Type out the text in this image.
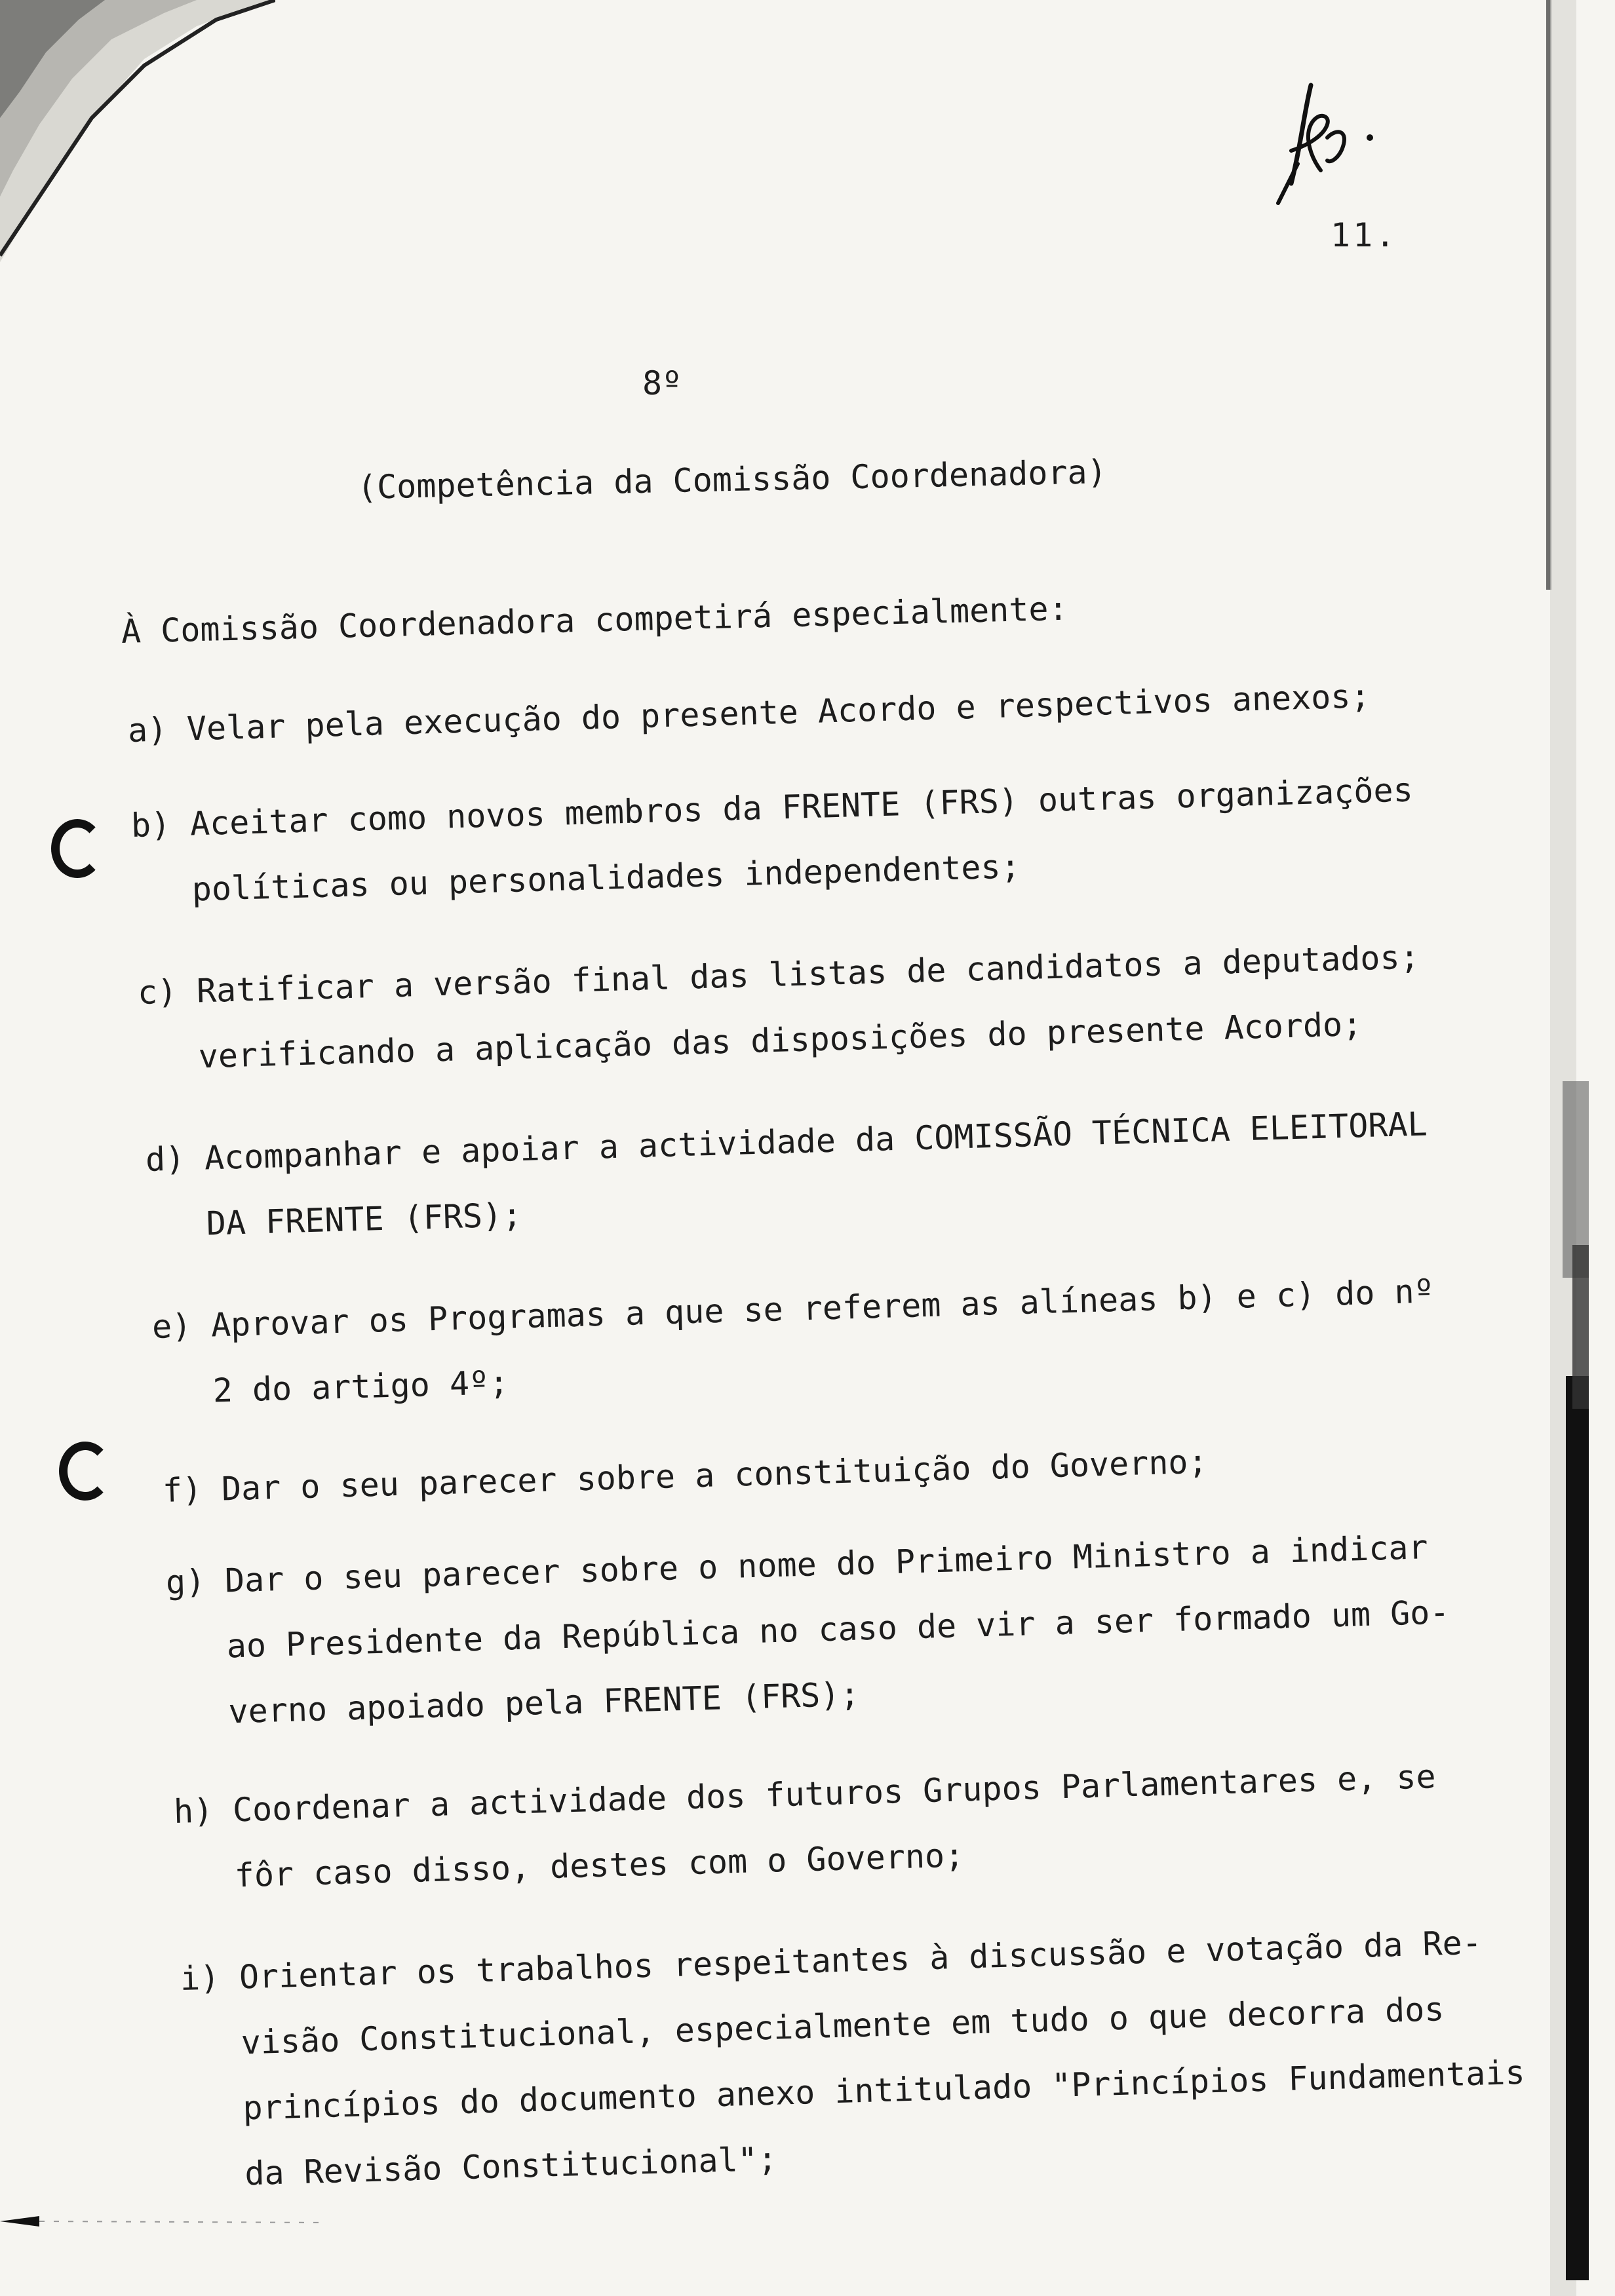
11.
8º
(Competência da Comissão Coordenadora)
À Comissão Coordenadora competirá especialmente:
a) Velar pela execução do presente Acordo e respectivos anexos;
b) Aceitar como novos membros da FRENTE (FRS) outras organizações
políticas ou personalidades independentes;
c) Ratificar a versão final das listas de candidatos a deputados;
verificando a aplicação das disposições do presente Acordo;
d) Acompanhar e apoiar a actividade da COMISSÃO TÉCNICA ELEITORAL
DA FRENTE (FRS);
e) Aprovar os Programas a que se referem as alíneas b) e c) do nº
2 do artigo 4º;
f) Dar o seu parecer sobre a constituição do Governo;
g) Dar o seu parecer sobre o nome do Primeiro Ministro a indicar
ao Presidente da República no caso de vir a ser formado um Go-
verno apoiado pela FRENTE (FRS);
h) Coordenar a actividade dos futuros Grupos Parlamentares e, se
fôr caso disso, destes com o Governo;
i) Orientar os trabalhos respeitantes à discussão e votação da Re-
visão Constitucional, especialmente em tudo o que decorra dos
princípios do documento anexo intitulado "Princípios Fundamentais
da Revisão Constitucional";
